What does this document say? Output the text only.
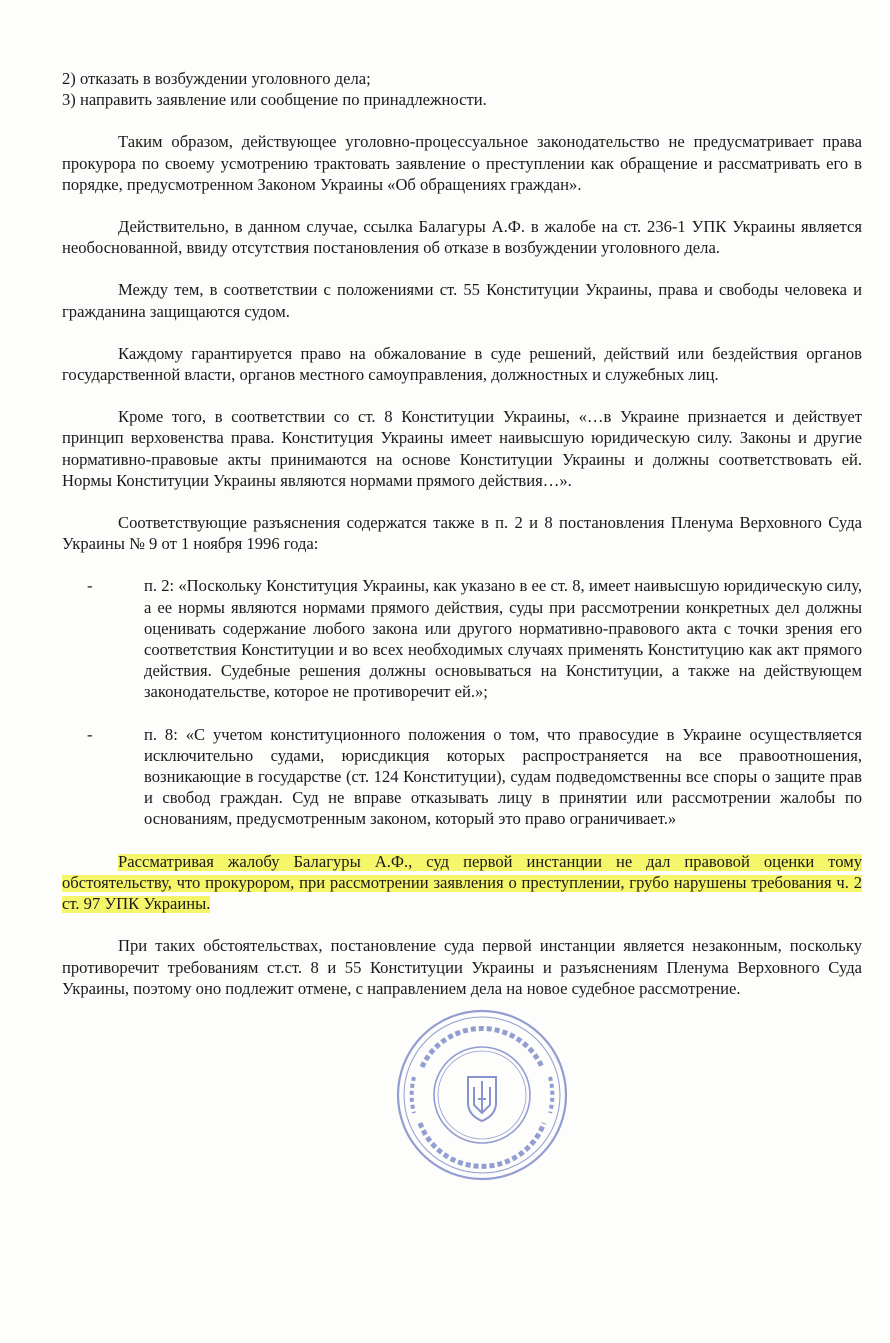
2) отказать в возбуждении уголовного дела;

3) направить заявление или сообщение по принадлежности.

Таким образом, действующее уголовно-процессуальное законодательство не предусматривает права прокурора по своему усмотрению трактовать заявление о преступлении как обращение и рассматривать его в порядке, предусмотренном Законом Украины «Об обращениях граждан».

Действительно, в данном случае, ссылка Балагуры А.Ф. в жалобе на ст. 236-1 УПК Украины является необоснованной, ввиду отсутствия постановления об отказе в возбуждении уголовного дела.

Между тем, в соответствии с положениями ст. 55 Конституции Украины, права и свободы человека и гражданина защищаются судом.

Каждому гарантируется право на обжалование в суде решений, действий или бездействия органов государственной власти, органов местного самоуправления, должностных и служебных лиц.

Кроме того, в соответствии со ст. 8 Конституции Украины, «…в Украине признается и действует принцип верховенства права. Конституция Украины имеет наивысшую юридическую силу. Законы и другие нормативно-правовые акты принимаются на основе Конституции Украины и должны соответствовать ей. Нормы Конституции Украины являются нормами прямого действия…».

Соответствующие разъяснения содержатся также в п. 2 и 8 постановления Пленума Верховного Суда Украины № 9 от 1 ноября 1996 года:

-	п. 2: «Поскольку Конституция Украины, как указано в ее ст. 8, имеет наивысшую юридическую силу, а ее нормы являются нормами прямого действия, суды при рассмотрении конкретных дел должны оценивать содержание любого закона или другого нормативно-правового акта с точки зрения его соответствия Конституции и во всех необходимых случаях применять Конституцию как акт прямого действия. Судебные решения должны основываться на Конституции, а также на действующем законодательстве, которое не противоречит ей.»;
-	п. 8: «С учетом конституционного положения о том, что правосудие в Украине осуществляется исключительно судами, юрисдикция которых распространяется на все правоотношения, возникающие в государстве (ст. 124 Конституции), судам подведомственны все споры о защите прав и свобод граждан. Суд не вправе отказывать лицу в принятии или рассмотрении жалобы по основаниям, предусмотренным законом, который это право ограничивает.»

Рассматривая жалобу Балагуры А.Ф., суд первой инстанции не дал правовой оценки тому обстоятельству, что прокурором, при рассмотрении заявления о преступлении, грубо нарушены требования ч. 2 ст. 97 УПК Украины.

При таких обстоятельствах, постановление суда первой инстанции является незаконным, поскольку противоречит требованиям ст.ст. 8 и 55 Конституции Украины и разъяснениям Пленума Верховного Суда Украины, поэтому оно подлежит отмене, с направлением дела на новое судебное рассмотрение.
